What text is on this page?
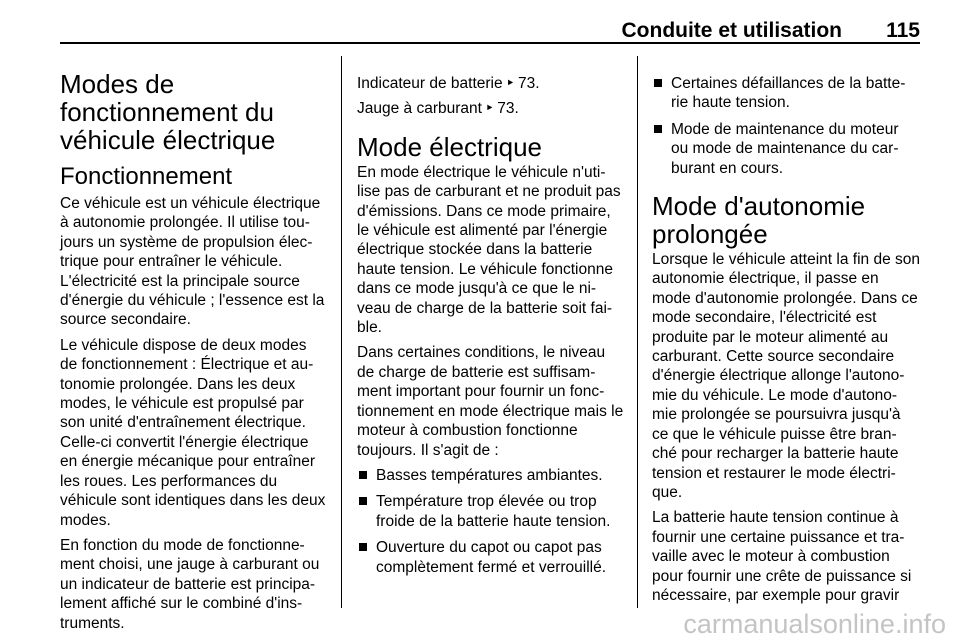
Conduite et utilisation 115
Modes de fonctionnement du véhicule électrique
Fonctionnement

Ce véhicule est un véhicule électrique à autonomie prolongée. Il utilise tou-jours un système de propulsion élec-trique pour entraîner le véhicule. L'électricité est la principale source d'énergie du véhicule ; l'essence est la source secondaire.

Le véhicule dispose de deux modes de fonctionnement : Électrique et au-tonomie prolongée. Dans les deux modes, le véhicule est propulsé par son unité d'entraînement électrique. Celle-ci convertit l'énergie électrique en énergie mécanique pour entraîner les roues. Les performances du véhicule sont identiques dans les deux modes.

En fonction du mode de fonctionne-ment choisi, une jauge à carburant ou un indicateur de batterie est principa-lement affiché sur le combiné d'ins-truments.

Indicateur de batterie ‣ 73.

Jauge à carburant ‣ 73.

Mode électrique

En mode électrique le véhicule n'uti-lise pas de carburant et ne produit pas d'émissions. Dans ce mode primaire, le véhicule est alimenté par l'énergie électrique stockée dans la batterie haute tension. Le véhicule fonctionne dans ce mode jusqu'à ce que le ni-veau de charge de la batterie soit fai-ble.

Dans certaines conditions, le niveau de charge de batterie est suffisam-ment important pour fournir un fonc-tionnement en mode électrique mais le moteur à combustion fonctionne toujours. Il s'agit de :

Basses températures ambiantes.
Température trop élevée ou trop froide de la batterie haute tension.
Ouverture du capot ou capot pas complètement fermé et verrouillé.
Certaines défaillances de la batte-rie haute tension.
Mode de maintenance du moteur ou mode de maintenance du car-burant en cours.
Mode d'autonomie prolongée

Lorsque le véhicule atteint la fin de son autonomie électrique, il passe en mode d'autonomie prolongée. Dans ce mode secondaire, l'électricité est produite par le moteur alimenté au carburant. Cette source secondaire d'énergie électrique allonge l'autono-mie du véhicule. Le mode d'autono-mie prolongée se poursuivra jusqu'à ce que le véhicule puisse être bran-ché pour recharger la batterie haute tension et restaurer le mode électri-que.

La batterie haute tension continue à fournir une certaine puissance et tra-vaille avec le moteur à combustion pour fournir une crête de puissance si nécessaire, par exemple pour gravir

carmanualsonline.info
